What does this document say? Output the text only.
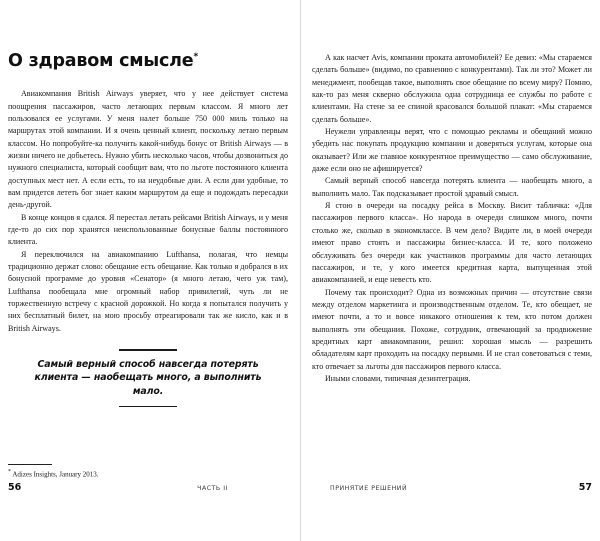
О здравом смысле*

Авиакомпания British Airways уверяет, что у нее действует система поощрения пассажиров, часто летающих первым классом. Я много лет пользовался ее услугами. У меня налет больше 750 000 миль только на маршрутах этой компании. И я очень ценный клиент, поскольку летаю первым классом. Но попробуйте-ка получить какой-нибудь бонус от British Airways — в жизни ничего не добьетесь. Нужно убить несколько часов, чтобы дозвониться до нужного специалиста, который сообщит вам, что по льготе постоянного клиента доступных мест нет. А если есть, то на неудобные дни. А если дни удобные, то вам придется лететь бог знает каким маршрутом да еще и подождать пересадки день-другой.

В конце концов я сдался. Я перестал летать рейсами British Airways, и у меня где-то до сих пор хранятся неиспользованные бонусные баллы постоянного клиента.

Я переключился на авиакомпанию Lufthansa, полагая, что немцы традиционно держат слово: обещание есть обещание. Как только я добрался в их бонусной программе до уровня «Сенатор» (я много летаю, чего уж там), Lufthansa пообещала мне огромный набор привилегий, чуть ли не торжественную встречу с красной дорожкой. Но когда я попытался получить у них бесплатный билет, на мою просьбу отреагировали так же кисло, как и в British Airways.

Самый верный способ навсегда потерять клиента — наобещать много, а выполнить мало.
* Adizes Insights, January 2013.
56	ЧАСТЬ II

А как насчет Avis, компании проката автомобилей? Ее девиз: «Мы стараемся сделать больше» (видимо, по сравнению с конкурентами). Так ли это? Может ли менеджмент, пообещав такое, выполнять свое обещание по всему миру? Помню, как-то раз меня скверно обслужила одна сотрудница ее службы по работе с клиентами. На стене за ее спиной красовался большой плакат: «Мы стараемся сделать больше».

Неужели управленцы верят, что с помощью рекламы и обещаний можно убедить нас покупать продукцию компании и доверяться услугам, которые она оказывает? Или же главное конкурентное преимущество — само обслуживание, даже если оно не афишируется?

Самый верный способ навсегда потерять клиента — наобещать много, а выполнить мало. Так подсказывает простой здравый смысл.

Я стою в очереди на посадку рейса в Москву. Висит табличка: «Для пассажиров первого класса». Но народа в очереди слишком много, почти столько же, сколько в экономклассе. В чем дело? Видите ли, в моей очереди имеют право стоять и пассажиры бизнес-класса. И те, кого положено обслуживать без очереди как участников программы для часто летающих пассажиров, и те, у кого имеется кредитная карта, выпущенная этой авиакомпанией, и еще невесть кто.

Почему так происходит? Одна из возможных причин — отсутствие связи между отделом маркетинга и производственным отделом. Те, кто обещает, не имеют почти, а то и вовсе никакого отношения к тем, кто потом должен выполнять эти обещания. Похоже, сотрудник, отвечающий за продвижение кредитных карт авиакомпании, решил: хорошая мысль — разрешить обладателям карт проходить на посадку первыми. И не стал советоваться с теми, кто отвечает за льготы для пассажиров первого класса.

Иными словами, типичная дезинтеграция.

ПРИНЯТИЕ РЕШЕНИЙ	57
